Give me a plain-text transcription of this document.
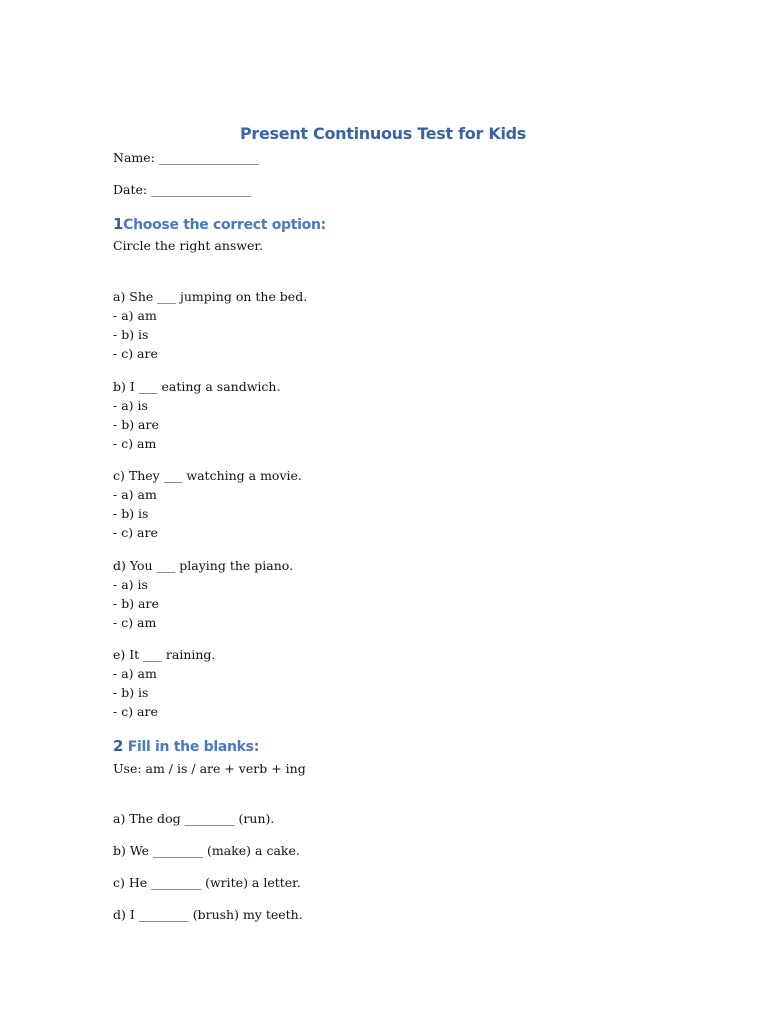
Present Continuous Test for Kids
Name: ________________
Date: ________________
1Choose the correct option:
Circle the right answer.
a) She ___ jumping on the bed.
- a) am
- b) is
- c) are
b) I ___ eating a sandwich.
- a) is
- b) are
- c) am
c) They ___ watching a movie.
- a) am
- b) is
- c) are
d) You ___ playing the piano.
- a) is
- b) are
- c) am
e) It ___ raining.
- a) am
- b) is
- c) are
2 Fill in the blanks:
Use: am / is / are + verb + ing
a) The dog ________ (run).
b) We ________ (make) a cake.
c) He ________ (write) a letter.
d) I ________ (brush) my teeth.
